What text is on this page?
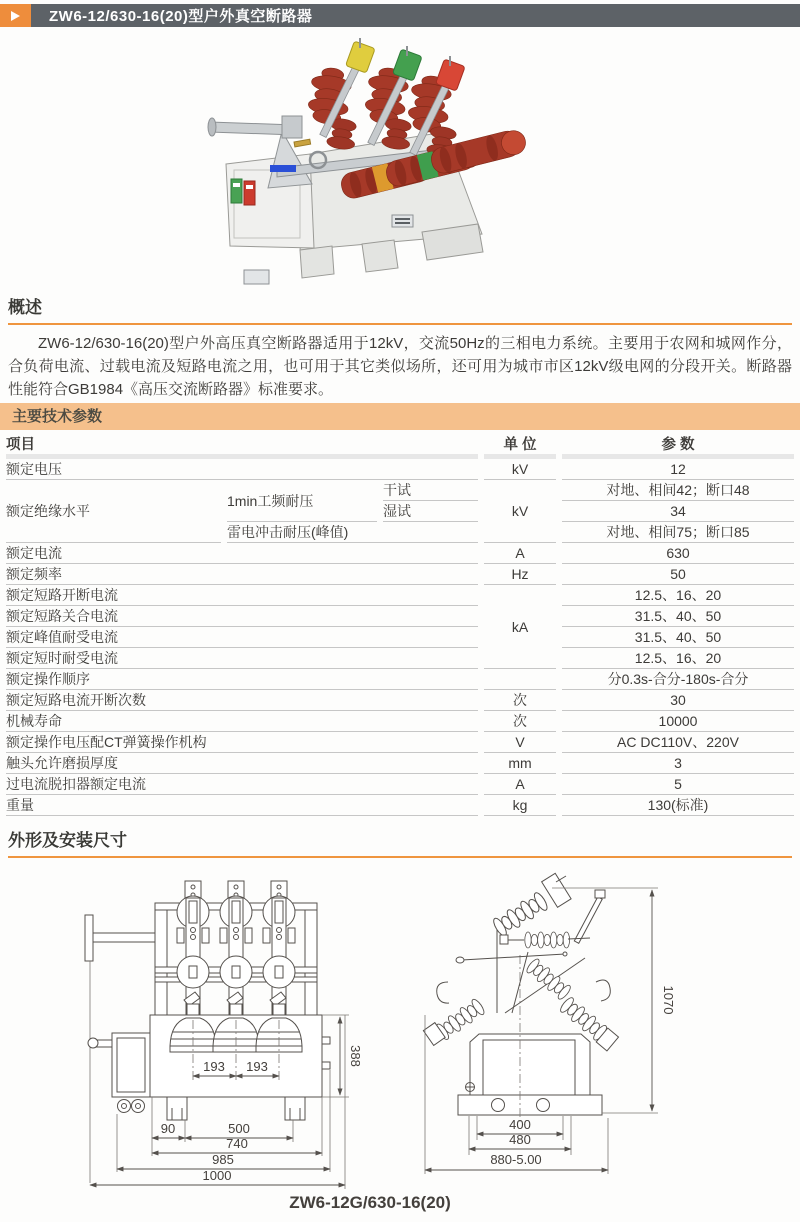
ZW6-12/630-16(20)型户外真空断路器
概述

ZW6-12/630-16(20)型户外高压真空断路器适用于12kV，交流50Hz的三相电力系统。主要用于农网和城网作分，合负荷电流、过载电流及短路电流之用，也可用于其它类似场所，还可用为城市市区12kV级电网的分段开关。断路器性能符合GB1984《高压交流断路器》标准要求。

主要技术参数
项目			单 位	参 数
额定电压			kV	12
额定绝缘水平	1min工频耐压	干试	kV	对地、相间42；断口48
		湿试		34
	雷电冲击耐压(峰值)			对地、相间75；断口85
额定电流			A	630
额定频率			Hz	50
额定短路开断电流			kA	12.5、16、20
额定短路关合电流				31.5、40、50
额定峰值耐受电流				31.5、40、50
额定短时耐受电流				12.5、16、20
额定操作顺序				分0.3s-合分-180s-合分
额定短路电流开断次数			次	30
机械寿命			次	10000
额定操作电压配CT弹簧操作机构			V	AC DC110V、220V
触头允许磨损厚度			mm	3
过电流脱扣器额定电流			A	5
重量			kg	130(标准)
外形及安装尺寸
193 193	388
90	500
740
985
1000
1070
400
480
880-5.00
ZW6-12G/630-16(20)
